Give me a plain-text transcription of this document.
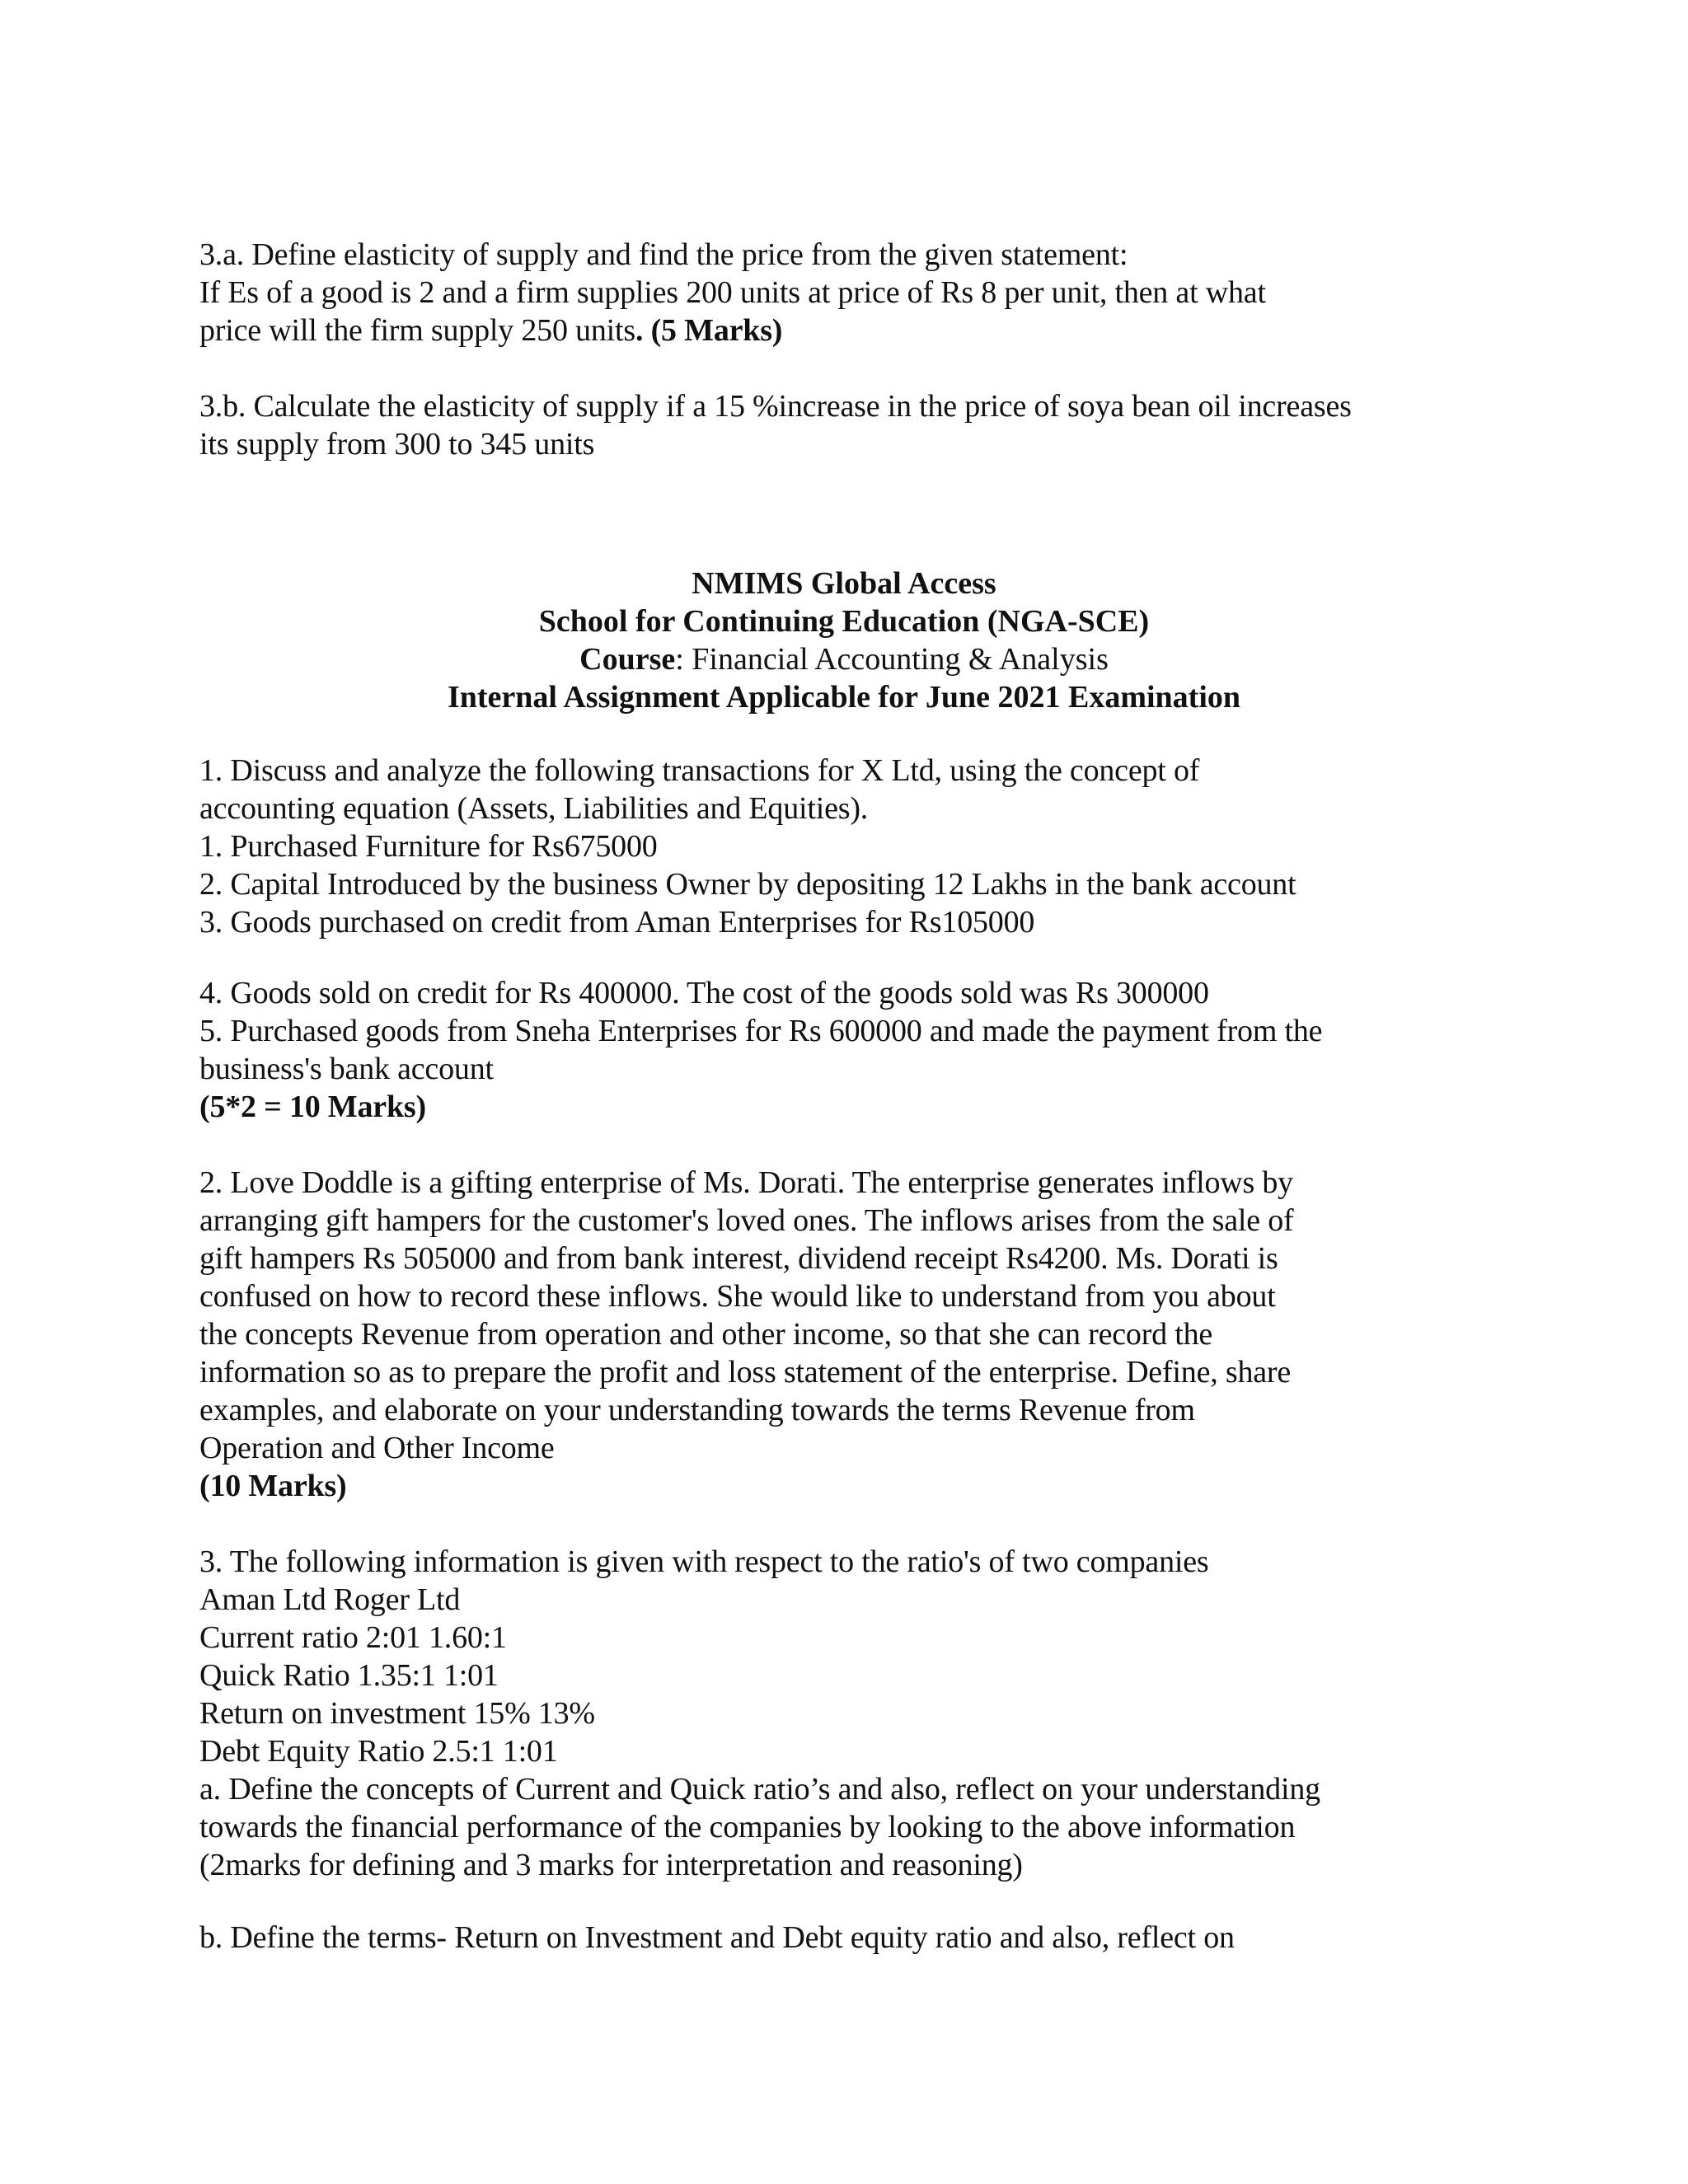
3.a. Define elasticity of supply and find the price from the given statement:
If Es of a good is 2 and a firm supplies 200 units at price of Rs 8 per unit, then at what
price will the firm supply 250 units. (5 Marks)
3.b. Calculate the elasticity of supply if a 15 %increase in the price of soya bean oil increases
its supply from 300 to 345 units
NMIMS Global Access
School for Continuing Education (NGA-SCE)
Course: Financial Accounting & Analysis
Internal Assignment Applicable for June 2021 Examination
1. Discuss and analyze the following transactions for X Ltd, using the concept of
accounting equation (Assets, Liabilities and Equities).
1. Purchased Furniture for Rs675000
2. Capital Introduced by the business Owner by depositing 12 Lakhs in the bank account
3. Goods purchased on credit from Aman Enterprises for Rs105000
4. Goods sold on credit for Rs 400000. The cost of the goods sold was Rs 300000
5. Purchased goods from Sneha Enterprises for Rs 600000 and made the payment from the
business's bank account
(5*2 = 10 Marks)
2. Love Doddle is a gifting enterprise of Ms. Dorati. The enterprise generates inflows by
arranging gift hampers for the customer's loved ones. The inflows arises from the sale of
gift hampers Rs 505000 and from bank interest, dividend receipt Rs4200. Ms. Dorati is
confused on how to record these inflows. She would like to understand from you about
the concepts Revenue from operation and other income, so that she can record the
information so as to prepare the profit and loss statement of the enterprise. Define, share
examples, and elaborate on your understanding towards the terms Revenue from
Operation and Other Income
(10 Marks)
3. The following information is given with respect to the ratio's of two companies
Aman Ltd Roger Ltd
Current ratio 2:01 1.60:1
Quick Ratio 1.35:1 1:01
Return on investment 15% 13%
Debt Equity Ratio 2.5:1 1:01
a. Define the concepts of Current and Quick ratio’s and also, reflect on your understanding
towards the financial performance of the companies by looking to the above information
(2marks for defining and 3 marks for interpretation and reasoning)
b. Define the terms- Return on Investment and Debt equity ratio and also, reflect on
